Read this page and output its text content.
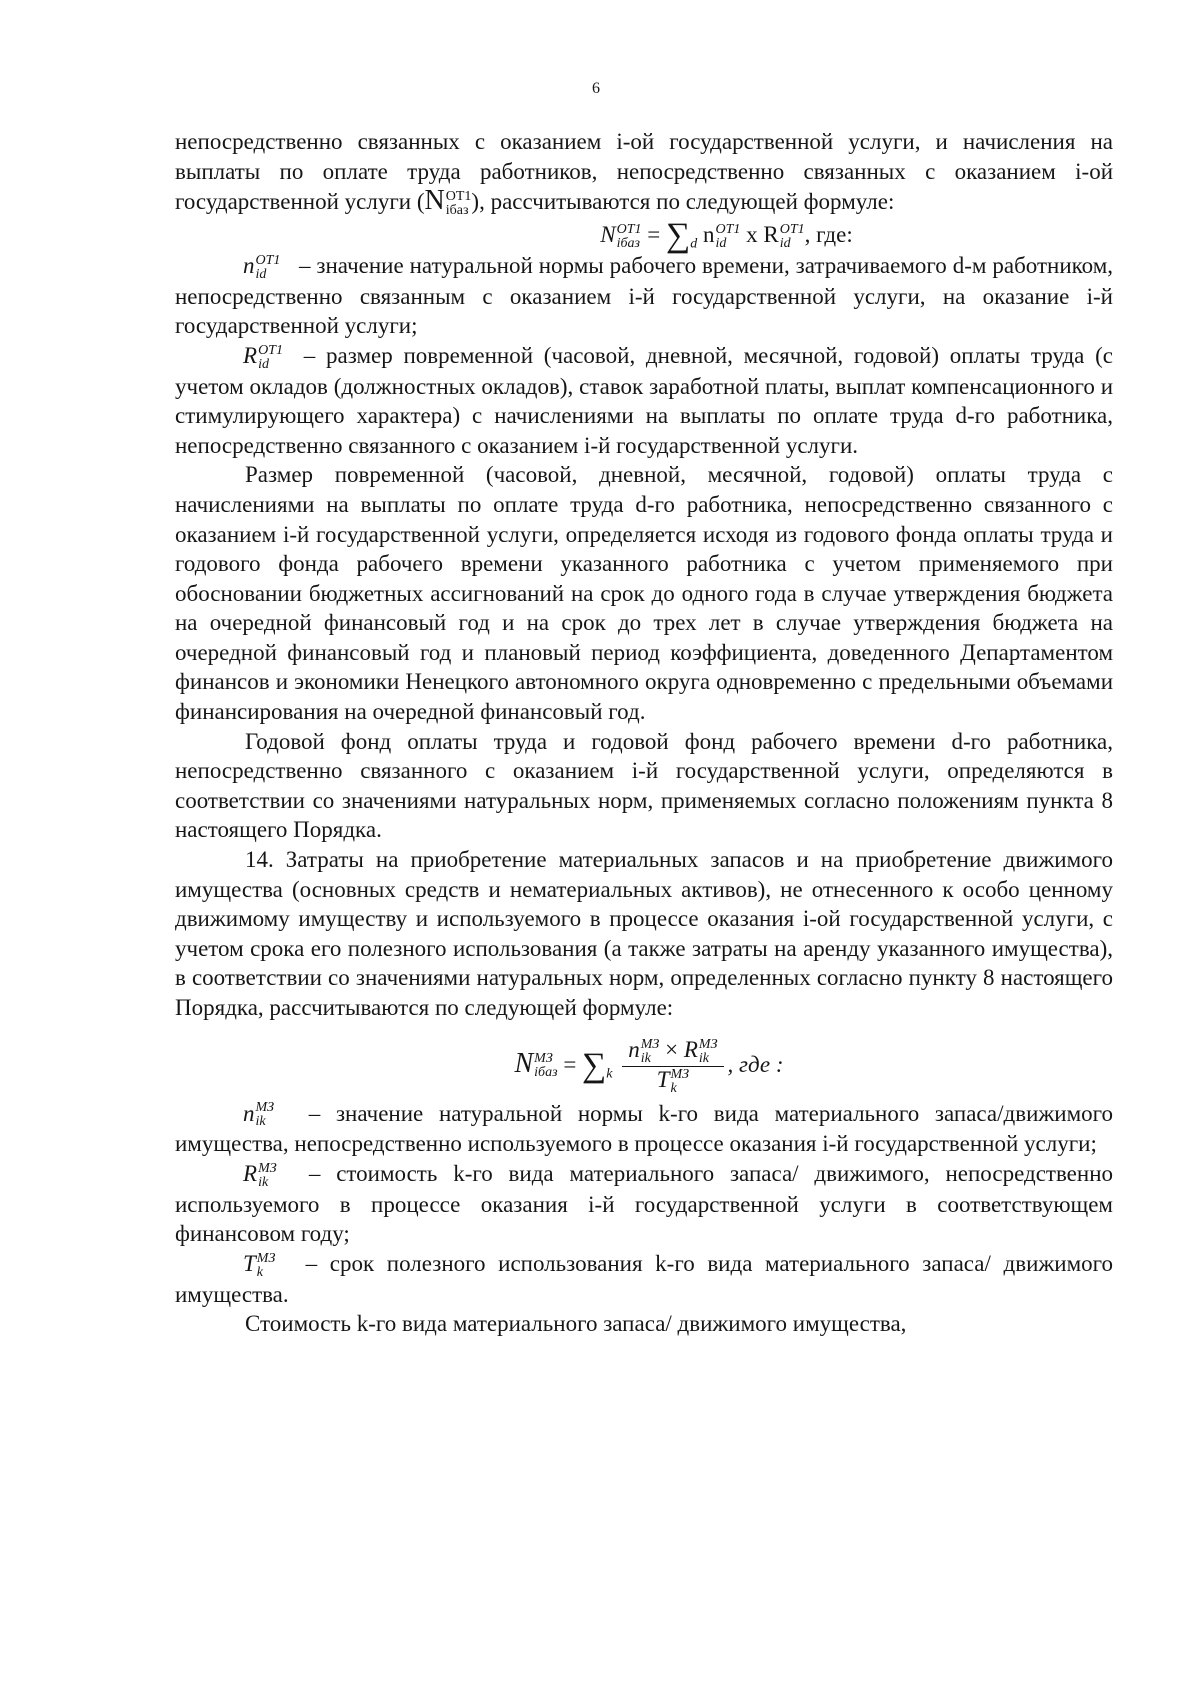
6

непосредственно связанных с оказанием i-ой государственной услуги, и начисления на выплаты по оплате труда работников, непосредственно связанных с оказанием i-ой государственной услуги (N ОТ1
iбаз ), рассчитываются по следующей формуле:

N ОТ1
iбаз = $\sum_d$ n ОТ1
id x R ОТ1
id , где:

n ОТ1
id	– значение натуральной нормы рабочего времени, затрачиваемого d-м работником, непосредственно связанным с оказанием i-й государственной услуги, на оказание i-й государственной услуги;

R ОТ1
id	– размер повременной (часовой, дневной, месячной, годовой) оплаты труда (с учетом окладов (должностных окладов), ставок заработной платы, выплат компенсационного и стимулирующего характера) с начислениями на выплаты по оплате труда d-го работника, непосредственно связанного с оказанием i-й государственной услуги.

Размер повременной (часовой, дневной, месячной, годовой) оплаты труда с начислениями на выплаты по оплате труда d-го работника, непосредственно связанного с оказанием i-й государственной услуги, определяется исходя из годового фонда оплаты труда и годового фонда рабочего времени указанного работника с учетом применяемого при обосновании бюджетных ассигнований на срок до одного года в случае утверждения бюджета на очередной финансовый год и на срок до трех лет в случае утверждения бюджета на очередной финансовый год и плановый период коэффициента, доведенного Департаментом финансов и экономики Ненецкого автономного округа одновременно с предельными объемами финансирования на очередной финансовый год.

Годовой фонд оплаты труда и годовой фонд рабочего времени d-го работника, непосредственно связанного с оказанием i-й государственной услуги, определяются в соответствии со значениями натуральных норм, применяемых согласно положениям пункта 8 настоящего Порядка.

14. Затраты на приобретение материальных запасов и на приобретение движимого имущества (основных средств и нематериальных активов), не отнесенного к особо ценному движимому имуществу и используемого в процессе оказания i-ой государственной услуги, с учетом срока его полезного использования (а также затраты на аренду указанного имущества), в соответствии со значениями натуральных норм, определенных согласно пункту 8 настоящего Порядка, рассчитываются по следующей формуле:

N МЗ
iбаз = $\sum_k$ n МЗ
ik × R МЗ
ik
T МЗ
k , где :

n МЗ
ik	– значение натуральной нормы k-го вида материального запаса/движимого имущества, непосредственно используемого в процессе оказания i-й государственной услуги;

R МЗ
ik	– стоимость k-го вида материального запаса/ движимого, непосредственно используемого в процессе оказания i-й государственной услуги в соответствующем финансовом году;

T МЗ
k	– срок полезного использования k-го вида материального запаса/ движимого имущества.

Стоимость k-го вида материального запаса/ движимого имущества,
